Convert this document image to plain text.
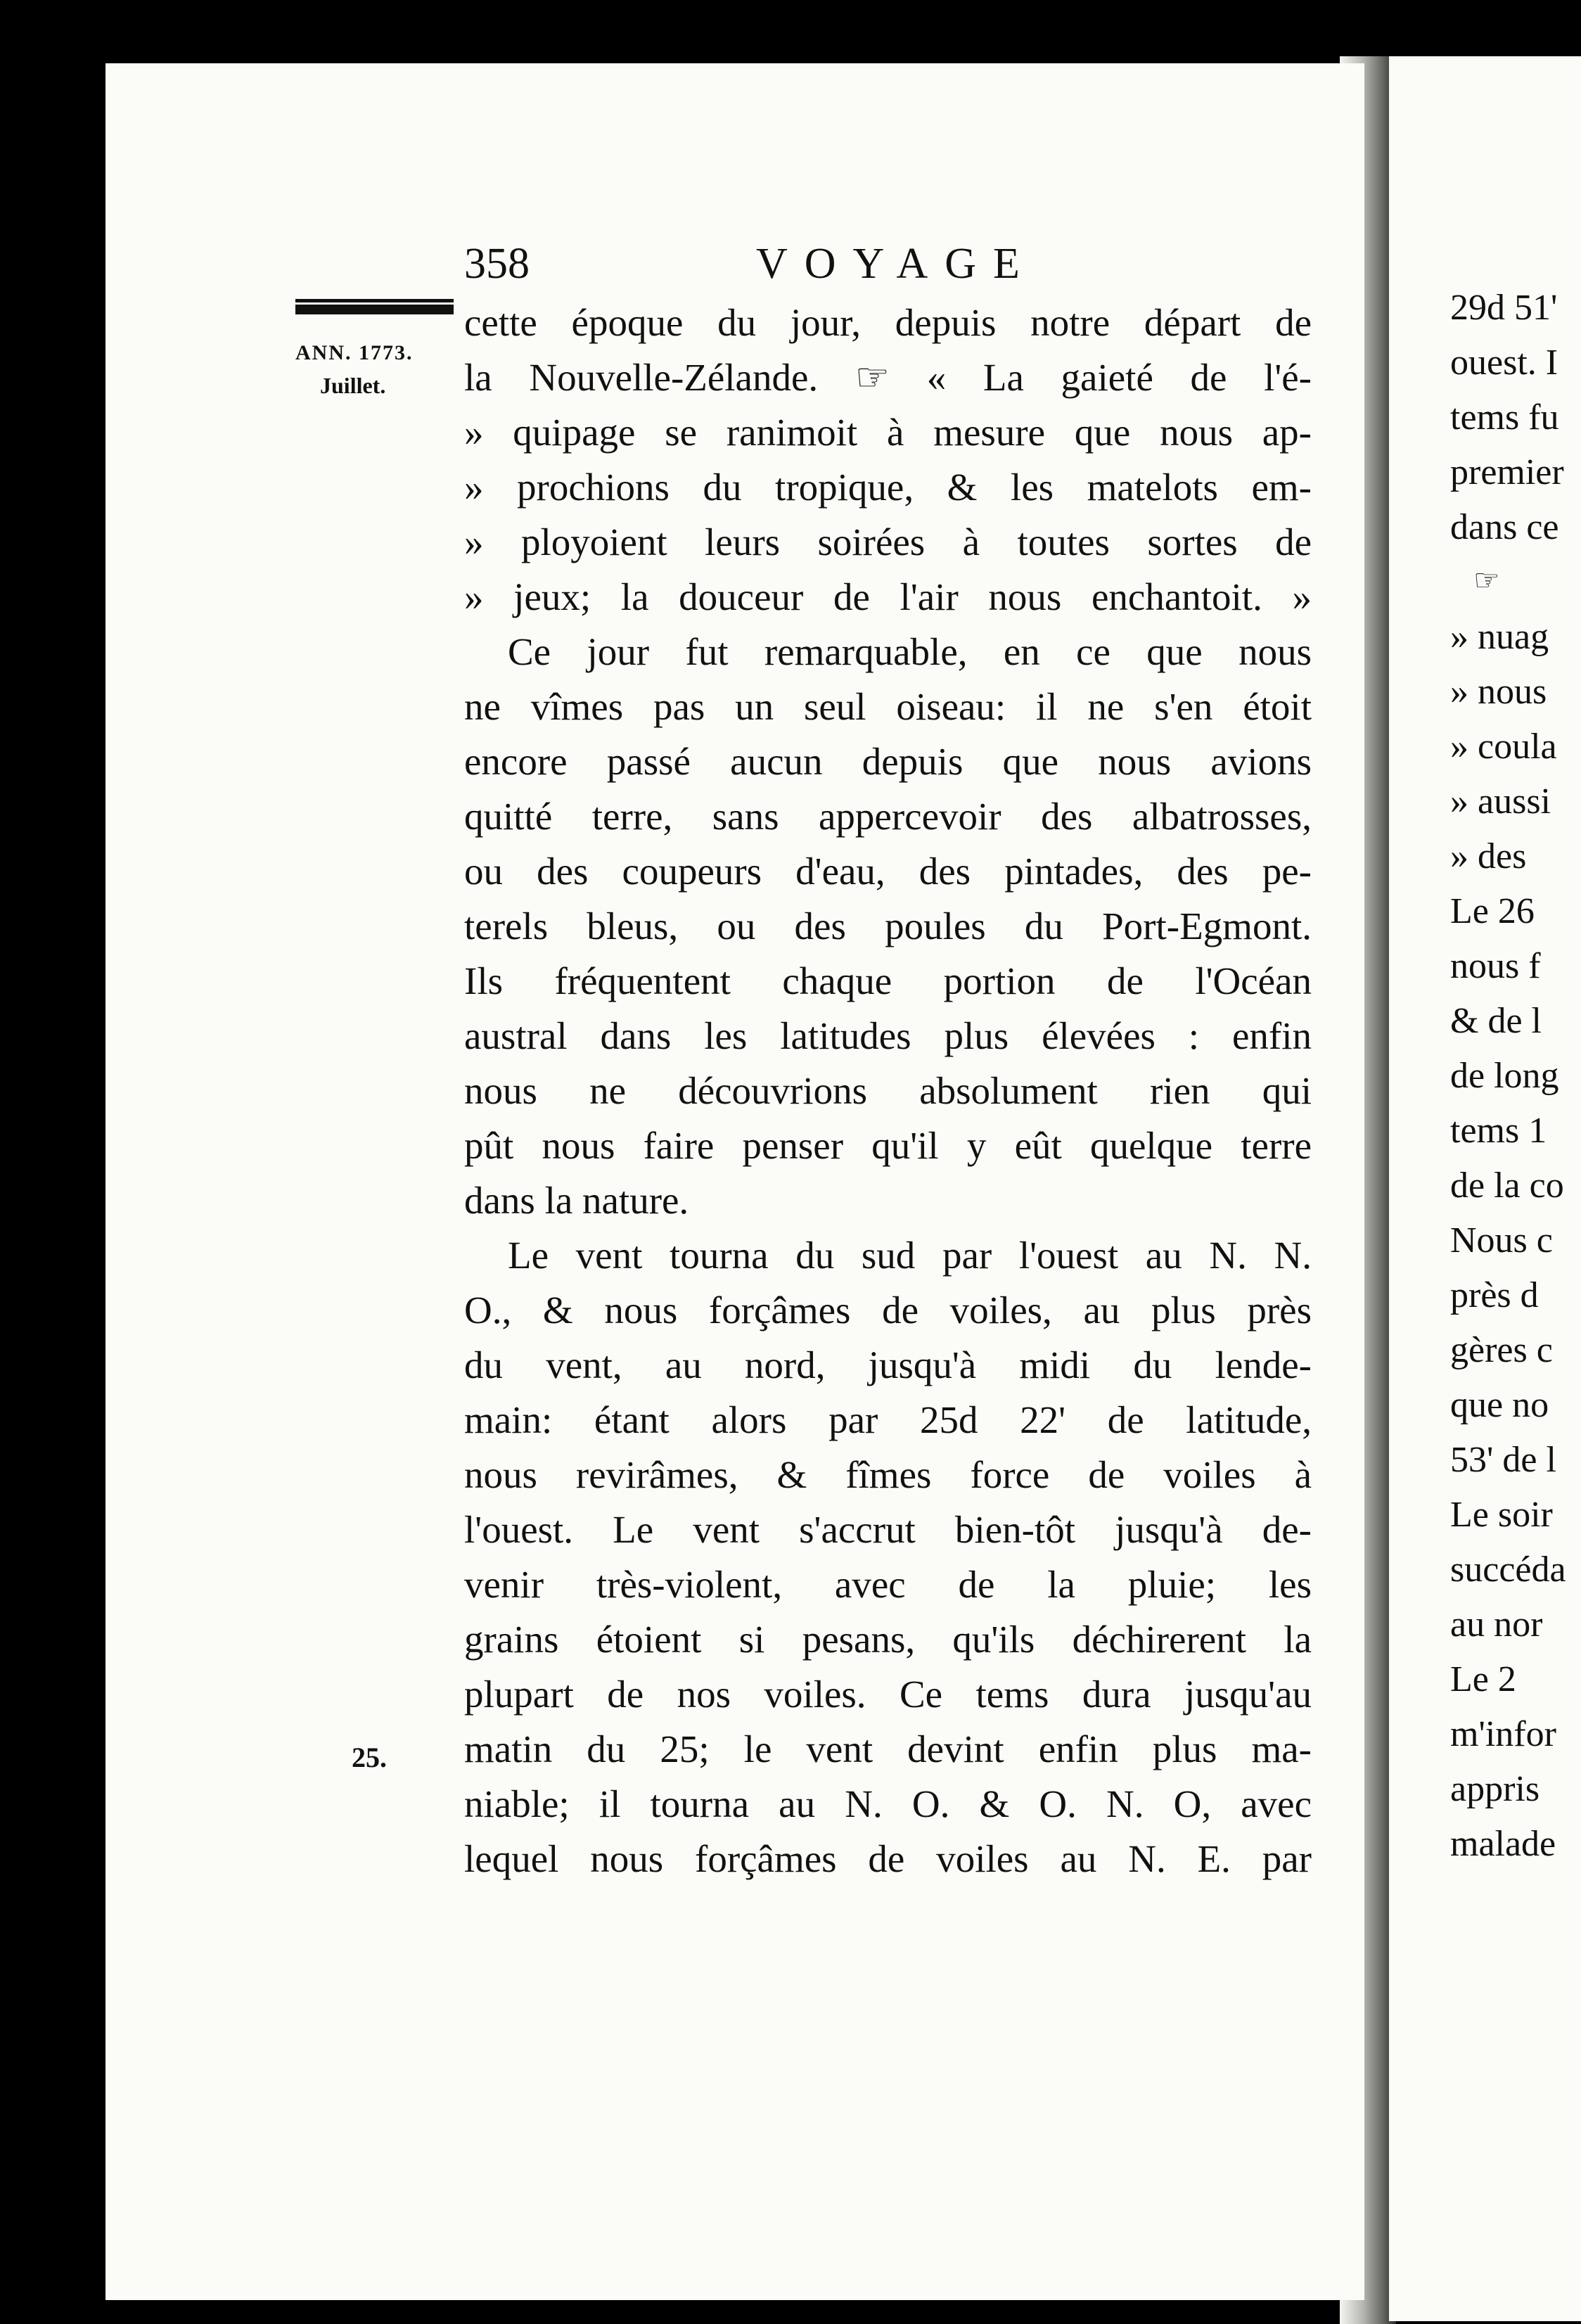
358	VOYAGE
ANN. 1773.
Juillet.
25.
cette époque du jour, depuis notre départ de
la Nouvelle-Zélande. ☞ « La gaieté de l'é-
» quipage se ranimoit à mesure que nous ap-
» prochions du tropique, & les matelots em-
» ployoient leurs soirées à toutes sortes de
» jeux; la douceur de l'air nous enchantoit. »
Ce jour fut remarquable, en ce que nous
ne vîmes pas un seul oiseau: il ne s'en étoit
encore passé aucun depuis que nous avions
quitté terre, sans appercevoir des albatrosses,
ou des coupeurs d'eau, des pintades, des pe-
terels bleus, ou des poules du Port-Egmont.
Ils fréquentent chaque portion de l'Océan
austral dans les latitudes plus élevées : enfin
nous ne découvrions absolument rien qui
pût nous faire penser qu'il y eût quelque terre
dans la nature.
Le vent tourna du sud par l'ouest au N. N.
O., & nous forçâmes de voiles, au plus près
du vent, au nord, jusqu'à midi du lende-
main: étant alors par 25d 22' de latitude,
nous revirâmes, & fîmes force de voiles à
l'ouest. Le vent s'accrut bien-tôt jusqu'à de-
venir très-violent, avec de la pluie; les
grains étoient si pesans, qu'ils déchirerent la
plupart de nos voiles. Ce tems dura jusqu'au
matin du 25; le vent devint enfin plus ma-
niable; il tourna au N. O. & O. N. O, avec
lequel nous forçâmes de voiles au N. E. par
29d 51'
ouest. I
tems fu
premier
dans ce
☞
» nuag
» nous
» coula
» aussi
» des
Le 26
nous f
& de l
de long
tems 1
de la co
Nous c
près d
gères c
que no
53' de l
Le soir
succéda
au nor
Le 2
m'infor
appris
malade
